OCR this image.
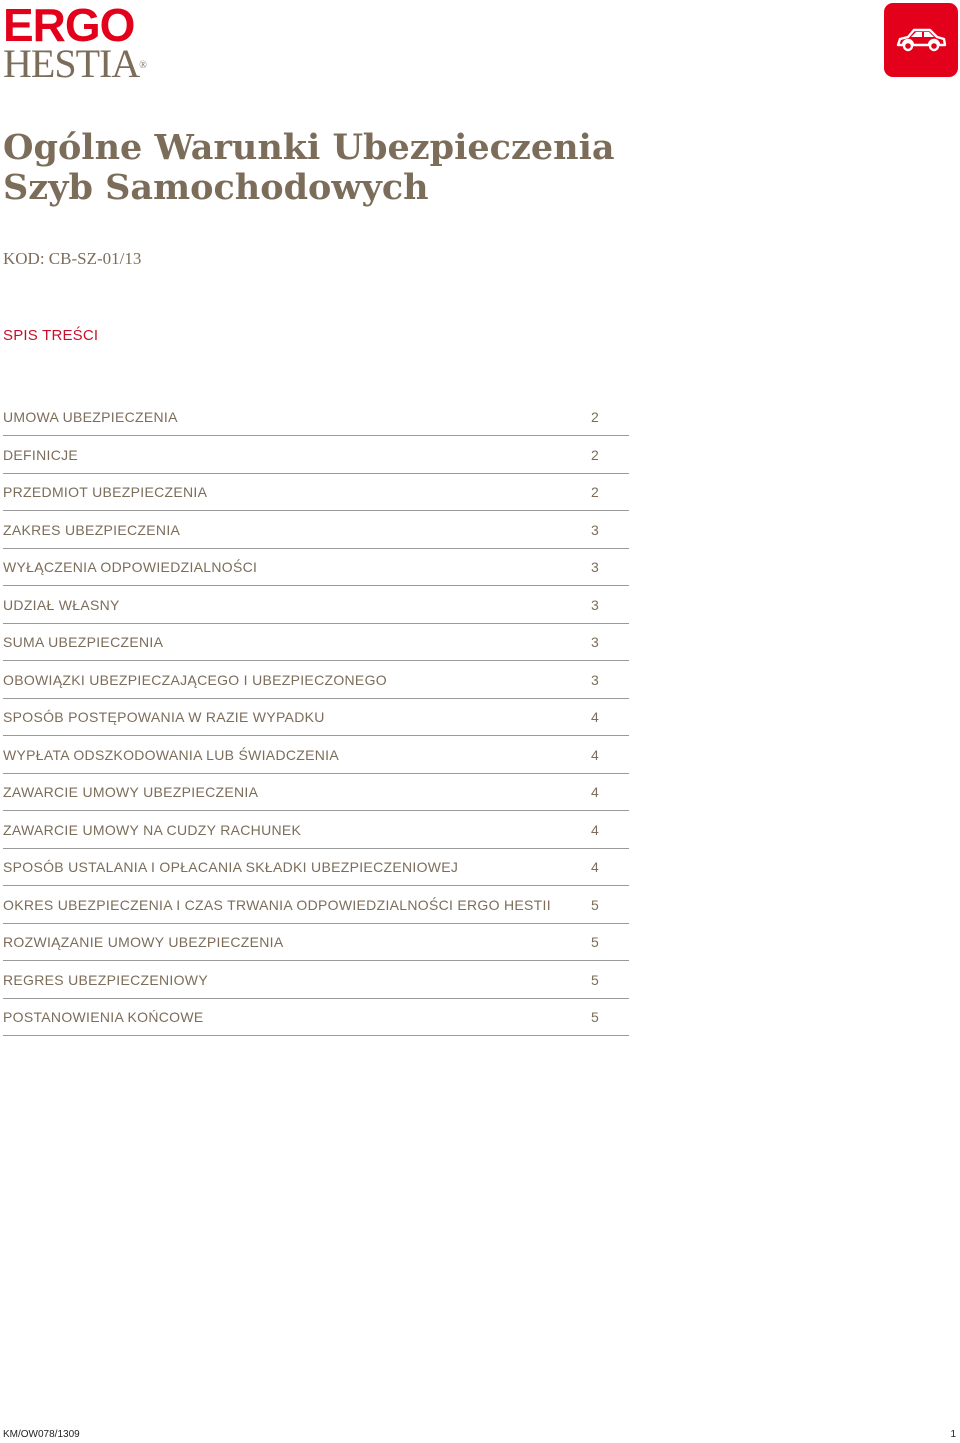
ERGO
HESTIA®
Ogólne Warunki Ubezpieczenia
Szyb Samochodowych
KOD: CB-SZ-01/13
SPIS TREŚCI
UMOWA UBEZPIECZENIA	2
DEFINICJE	2
PRZEDMIOT UBEZPIECZENIA	2
ZAKRES UBEZPIECZENIA	3
WYŁĄCZENIA ODPOWIEDZIALNOŚCI	3
UDZIAŁ WŁASNY	3
SUMA UBEZPIECZENIA	3
OBOWIĄZKI UBEZPIECZAJĄCEGO I UBEZPIECZONEGO	3
SPOSÓB POSTĘPOWANIA W RAZIE WYPADKU	4
WYPŁATA ODSZKODOWANIA LUB ŚWIADCZENIA	4
ZAWARCIE UMOWY UBEZPIECZENIA	4
ZAWARCIE UMOWY NA CUDZY RACHUNEK	4
SPOSÓB USTALANIA I OPŁACANIA SKŁADKI UBEZPIECZENIOWEJ	4
OKRES UBEZPIECZENIA I CZAS TRWANIA ODPOWIEDZIALNOŚCI ERGO HESTII	5
ROZWIĄZANIE UMOWY UBEZPIECZENIA	5
REGRES UBEZPIECZENIOWY	5
POSTANOWIENIA KOŃCOWE	5
KM/OW078/1309	1
